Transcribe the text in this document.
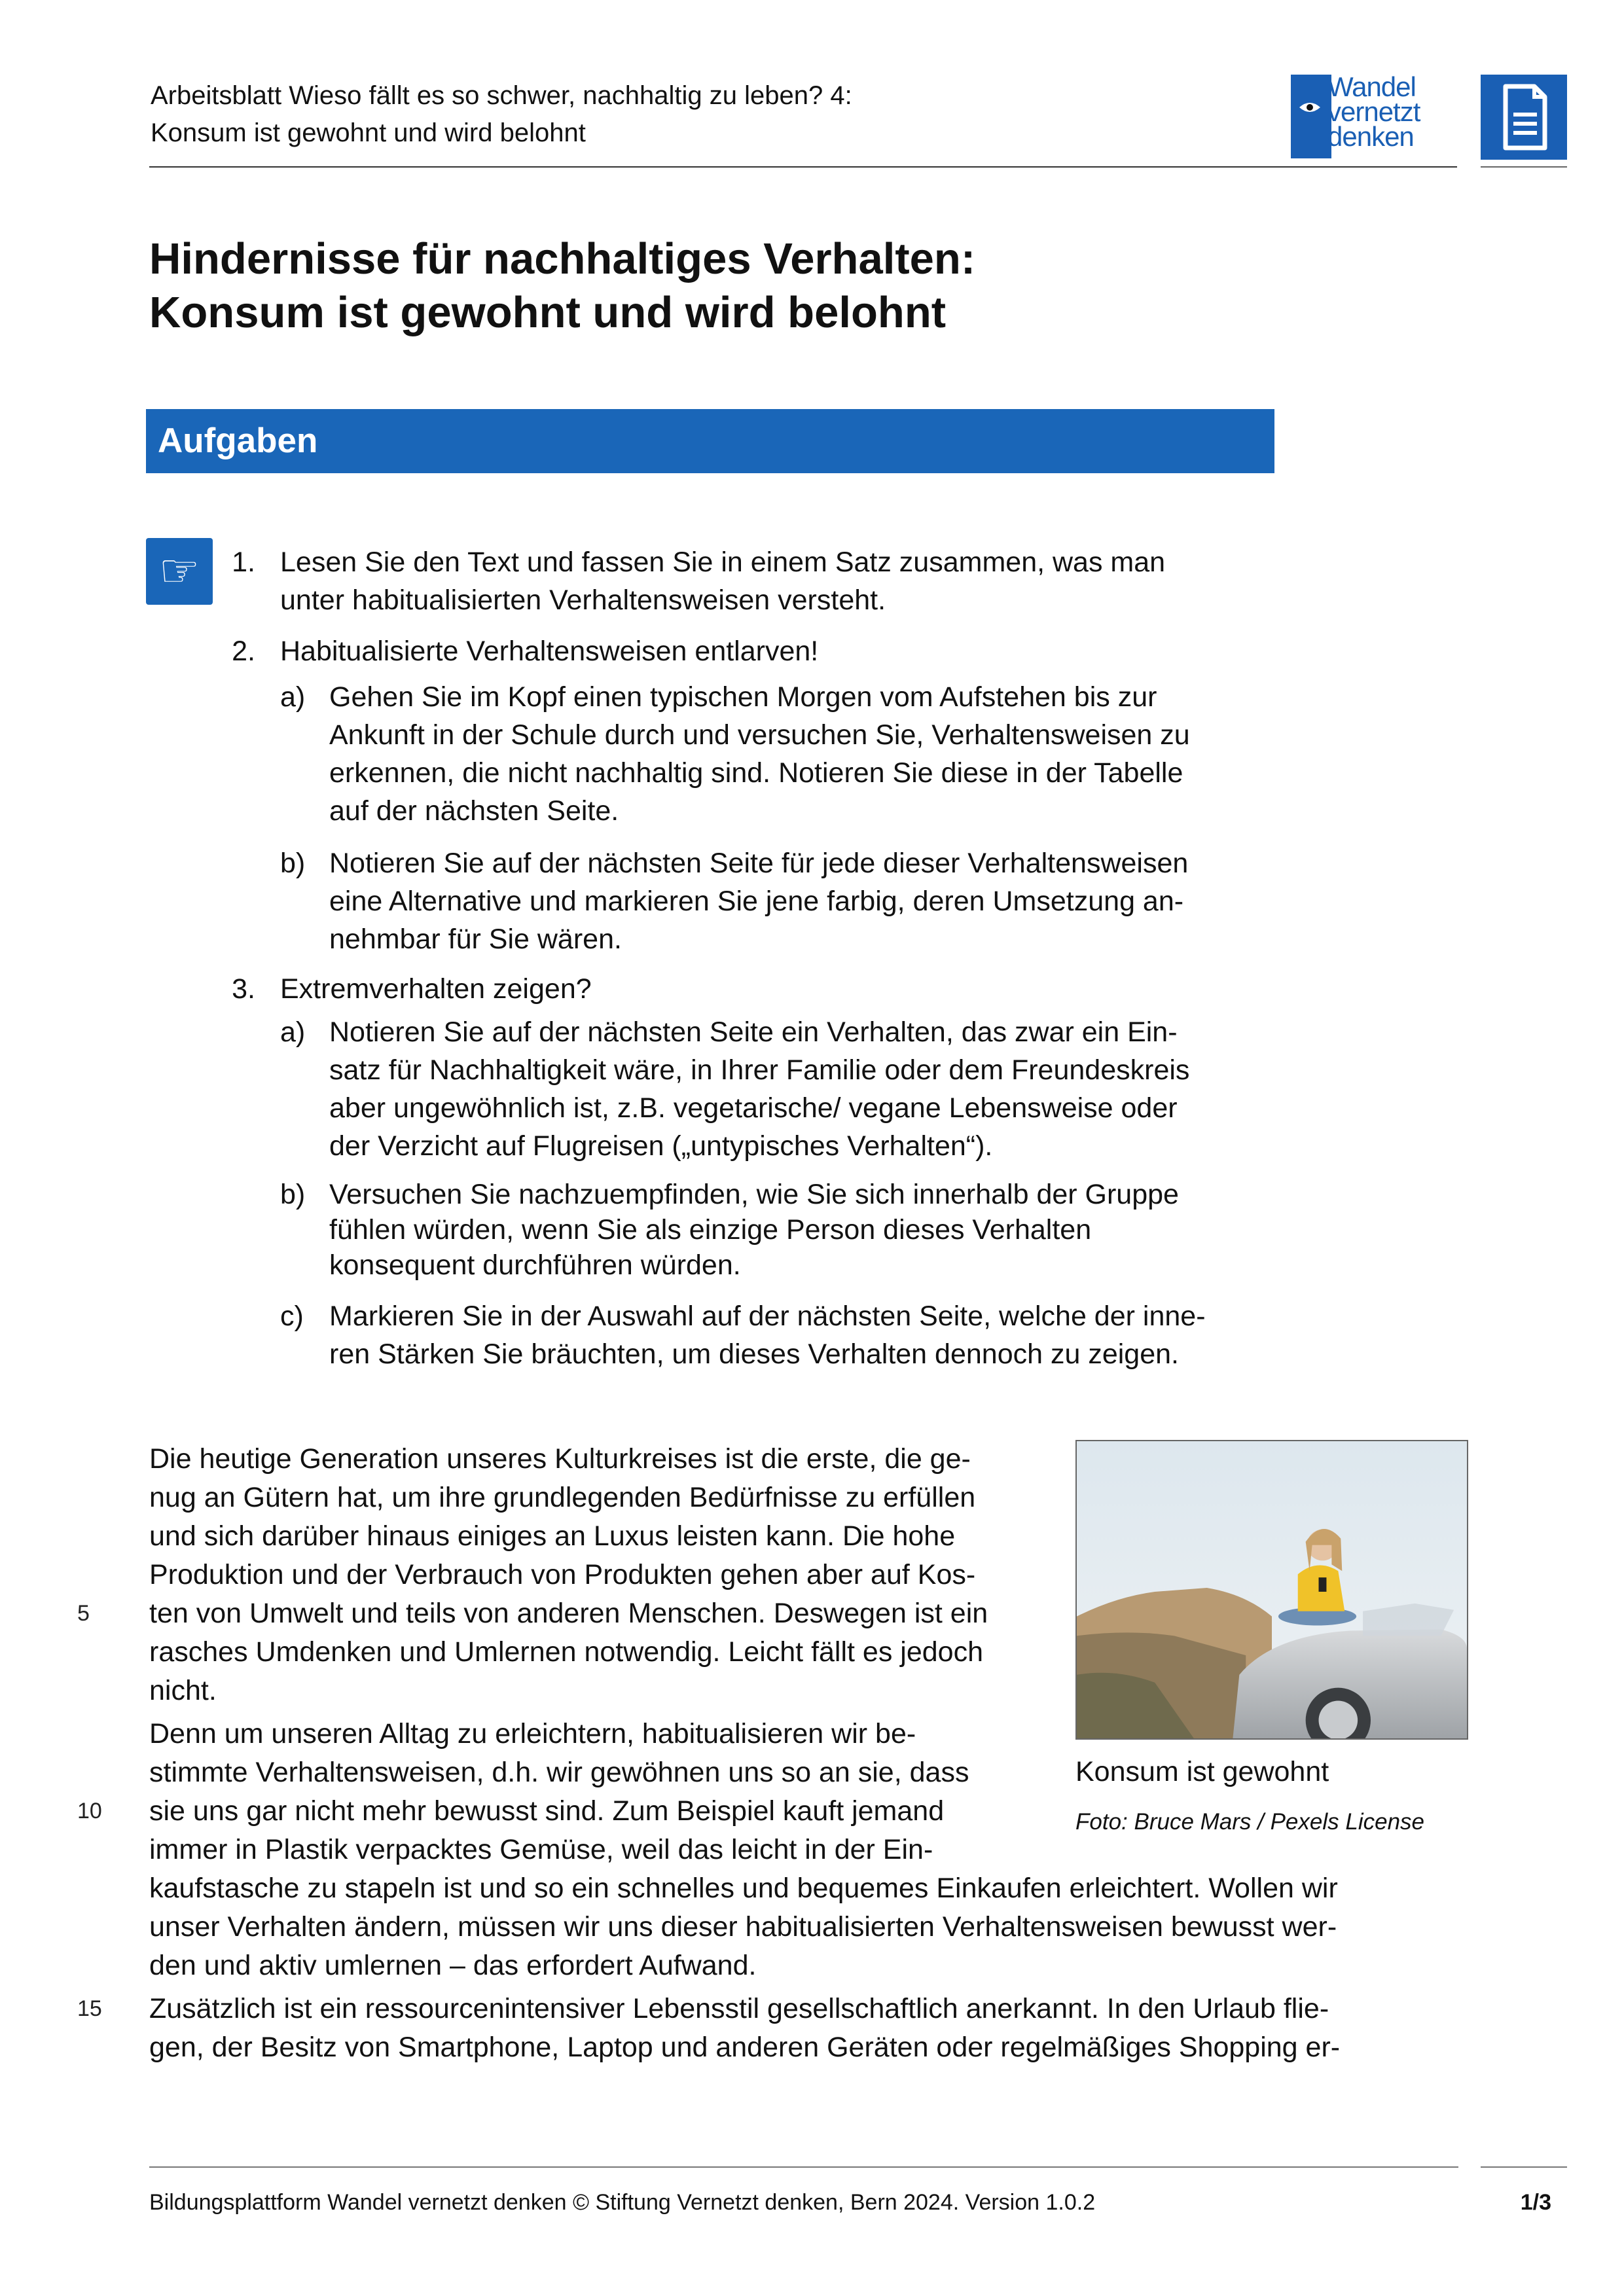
Arbeitsblatt Wieso fällt es so schwer, nachhaltig zu leben? 4:
Konsum ist gewohnt und wird belohnt
Wandel
vernetzt
denken
Hindernisse für nachhaltiges Verhalten:
Konsum ist gewohnt und wird belohnt
Aufgaben
☞	1. Lesen Sie den Text und fassen Sie in einem Satz zusammen, was man
unter habitualisierten Verhaltensweisen versteht.
2. Habitualisierte Verhaltensweisen entlarven!
a) Gehen Sie im Kopf einen typischen Morgen vom Aufstehen bis zur
Ankunft in der Schule durch und versuchen Sie, Verhaltensweisen zu
erkennen, die nicht nachhaltig sind. Notieren Sie diese in der Tabelle
auf der nächsten Seite.
b) Notieren Sie auf der nächsten Seite für jede dieser Verhaltensweisen
eine Alternative und markieren Sie jene farbig, deren Umsetzung an-
nehmbar für Sie wären.
3. Extremverhalten zeigen?
a) Notieren Sie auf der nächsten Seite ein Verhalten, das zwar ein Ein-
satz für Nachhaltigkeit wäre, in Ihrer Familie oder dem Freundeskreis
aber ungewöhnlich ist, z.B. vegetarische/ vegane Lebensweise oder
der Verzicht auf Flugreisen („untypisches Verhalten“).
b) Versuchen Sie nachzuempfinden, wie Sie sich innerhalb der Gruppe
fühlen würden, wenn Sie als einzige Person dieses Verhalten
konsequent durchführen würden.
c) Markieren Sie in der Auswahl auf der nächsten Seite, welche der inne-
ren Stärken Sie bräuchten, um dieses Verhalten dennoch zu zeigen.
Die heutige Generation unseres Kulturkreises ist die erste, die ge-
nug an Gütern hat, um ihre grundlegenden Bedürfnisse zu erfüllen
und sich darüber hinaus einiges an Luxus leisten kann. Die hohe
Produktion und der Verbrauch von Produkten gehen aber auf Kos-
5 ten von Umwelt und teils von anderen Menschen. Deswegen ist ein
rasches Umdenken und Umlernen notwendig. Leicht fällt es jedoch
nicht.
Denn um unseren Alltag zu erleichtern, habitualisieren wir be-
stimmte Verhaltensweisen, d.h. wir gewöhnen uns so an sie, dass
10 sie uns gar nicht mehr bewusst sind. Zum Beispiel kauft jemand
immer in Plastik verpacktes Gemüse, weil das leicht in der Ein-
kaufstasche zu stapeln ist und so ein schnelles und bequemes Einkaufen erleichtert. Wollen wir
unser Verhalten ändern, müssen wir uns dieser habitualisierten Verhaltensweisen bewusst wer-
den und aktiv umlernen – das erfordert Aufwand.
15 Zusätzlich ist ein ressourcenintensiver Lebensstil gesellschaftlich anerkannt. In den Urlaub flie-
gen, der Besitz von Smartphone, Laptop und anderen Geräten oder regelmäßiges Shopping er-
Konsum ist gewohnt
Foto: Bruce Mars / Pexels License
Bildungsplattform Wandel vernetzt denken © Stiftung Vernetzt denken, Bern 2024. Version 1.0.2	1/3
